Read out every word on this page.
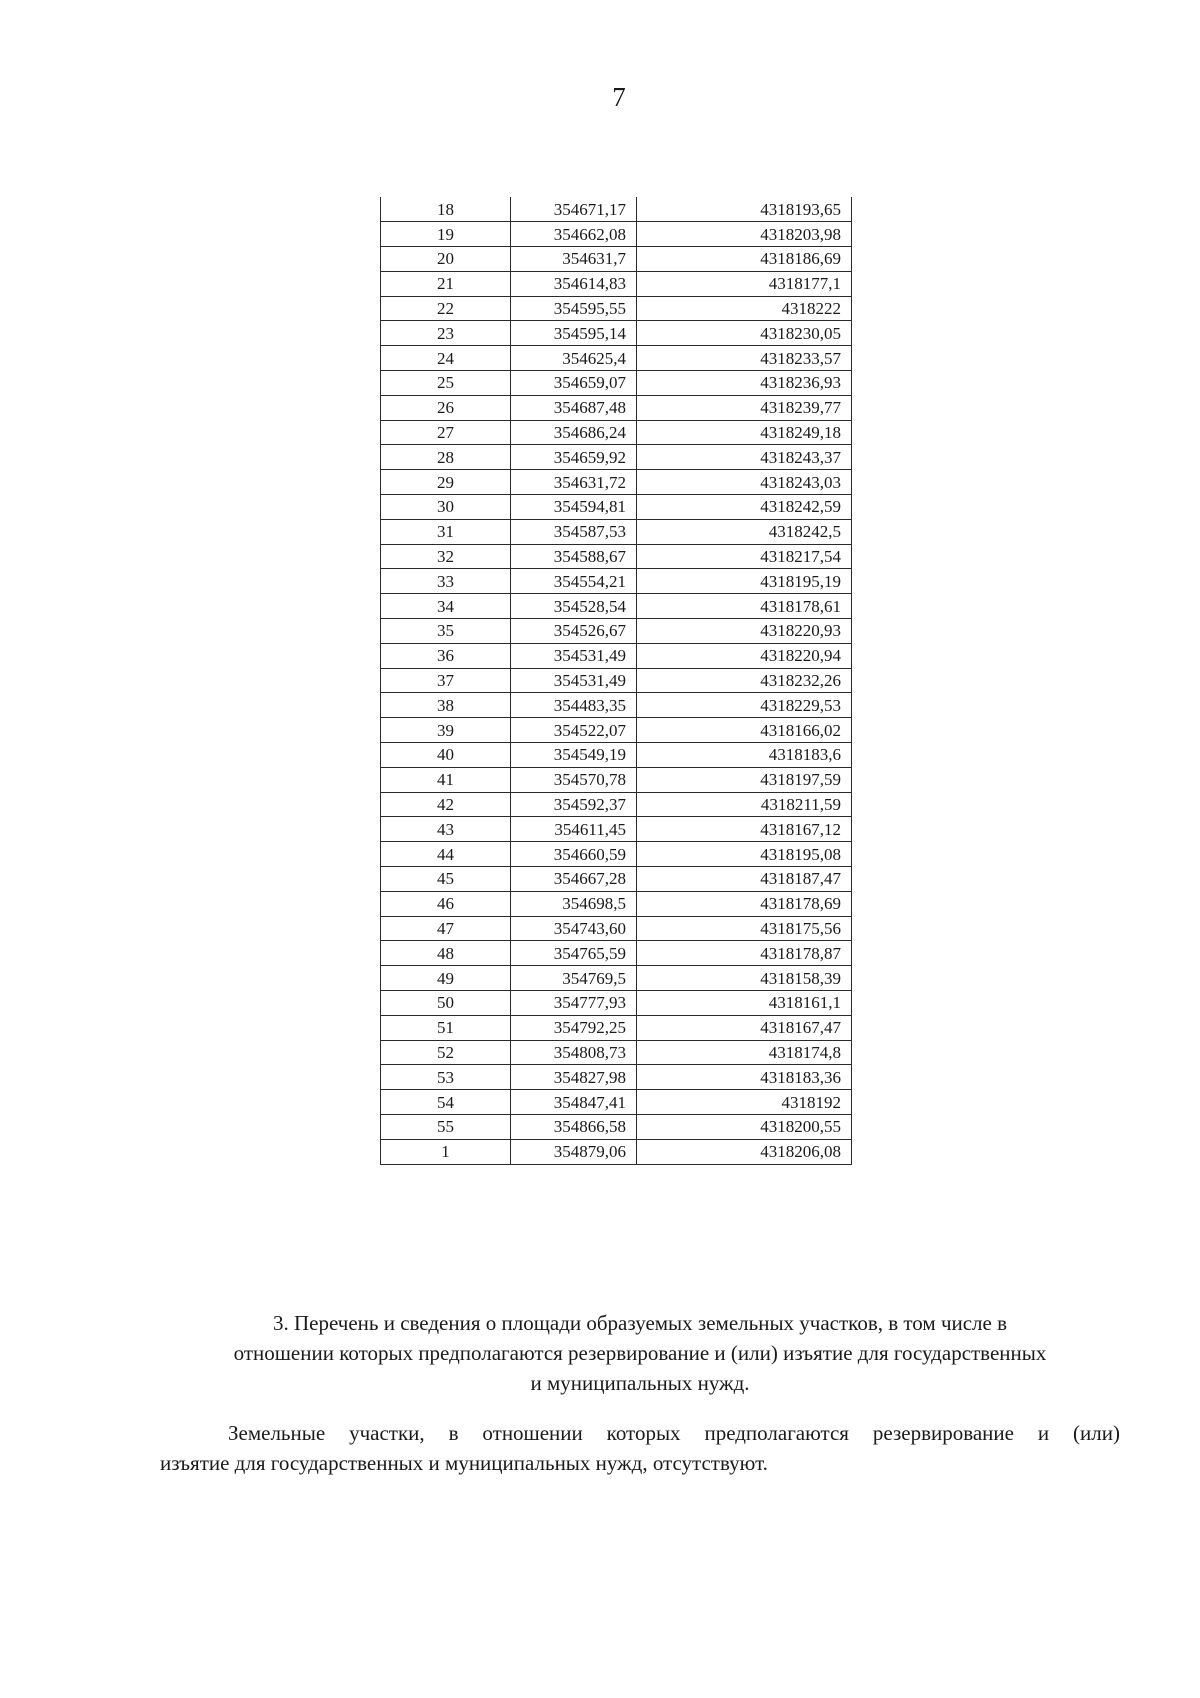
7
18	354671,17	4318193,65
19	354662,08	4318203,98
20	354631,7	4318186,69
21	354614,83	4318177,1
22	354595,55	4318222
23	354595,14	4318230,05
24	354625,4	4318233,57
25	354659,07	4318236,93
26	354687,48	4318239,77
27	354686,24	4318249,18
28	354659,92	4318243,37
29	354631,72	4318243,03
30	354594,81	4318242,59
31	354587,53	4318242,5
32	354588,67	4318217,54
33	354554,21	4318195,19
34	354528,54	4318178,61
35	354526,67	4318220,93
36	354531,49	4318220,94
37	354531,49	4318232,26
38	354483,35	4318229,53
39	354522,07	4318166,02
40	354549,19	4318183,6
41	354570,78	4318197,59
42	354592,37	4318211,59
43	354611,45	4318167,12
44	354660,59	4318195,08
45	354667,28	4318187,47
46	354698,5	4318178,69
47	354743,60	4318175,56
48	354765,59	4318178,87
49	354769,5	4318158,39
50	354777,93	4318161,1
51	354792,25	4318167,47
52	354808,73	4318174,8
53	354827,98	4318183,36
54	354847,41	4318192
55	354866,58	4318200,55
1	354879,06	4318206,08

3. Перечень и сведения о площади образуемых земельных участков, в том числе в
отношении которых предполагаются резервирование и (или) изъятие для государственных
и муниципальных нужд.

Земельные участки, в отношении которых предполагаются резервирование и (или)
изъятие для государственных и муниципальных нужд, отсутствуют.
